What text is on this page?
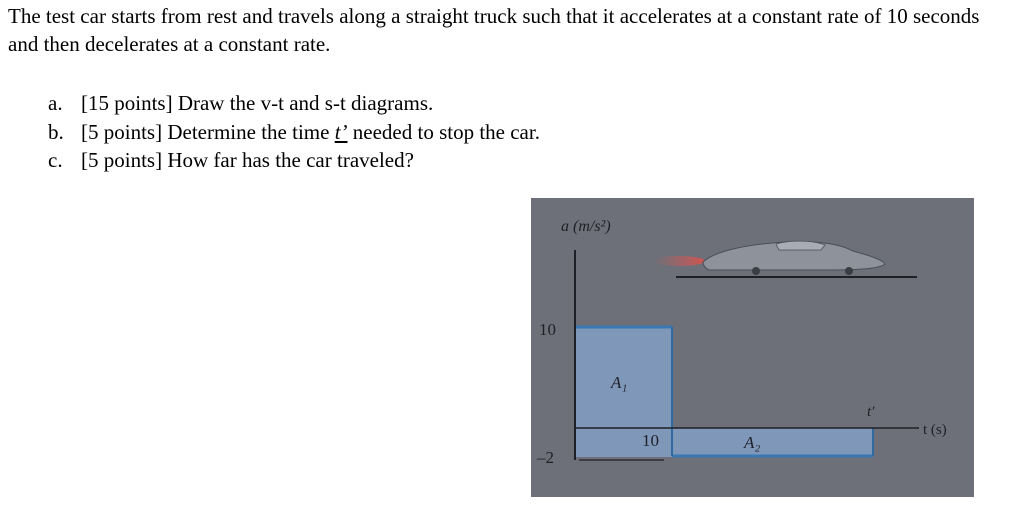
The test car starts from rest and travels along a straight truck such that it accelerates at a constant rate of 10 seconds and then decelerates at a constant rate.
a. [15 points] Draw the v-t and s-t diagrams.
b. [5 points] Determine the time t’ needed to stop the car.
c. [5 points] How far has the car traveled?
a (m/s²)
t (s)
10
–2
10
t′
A₁
A₂
